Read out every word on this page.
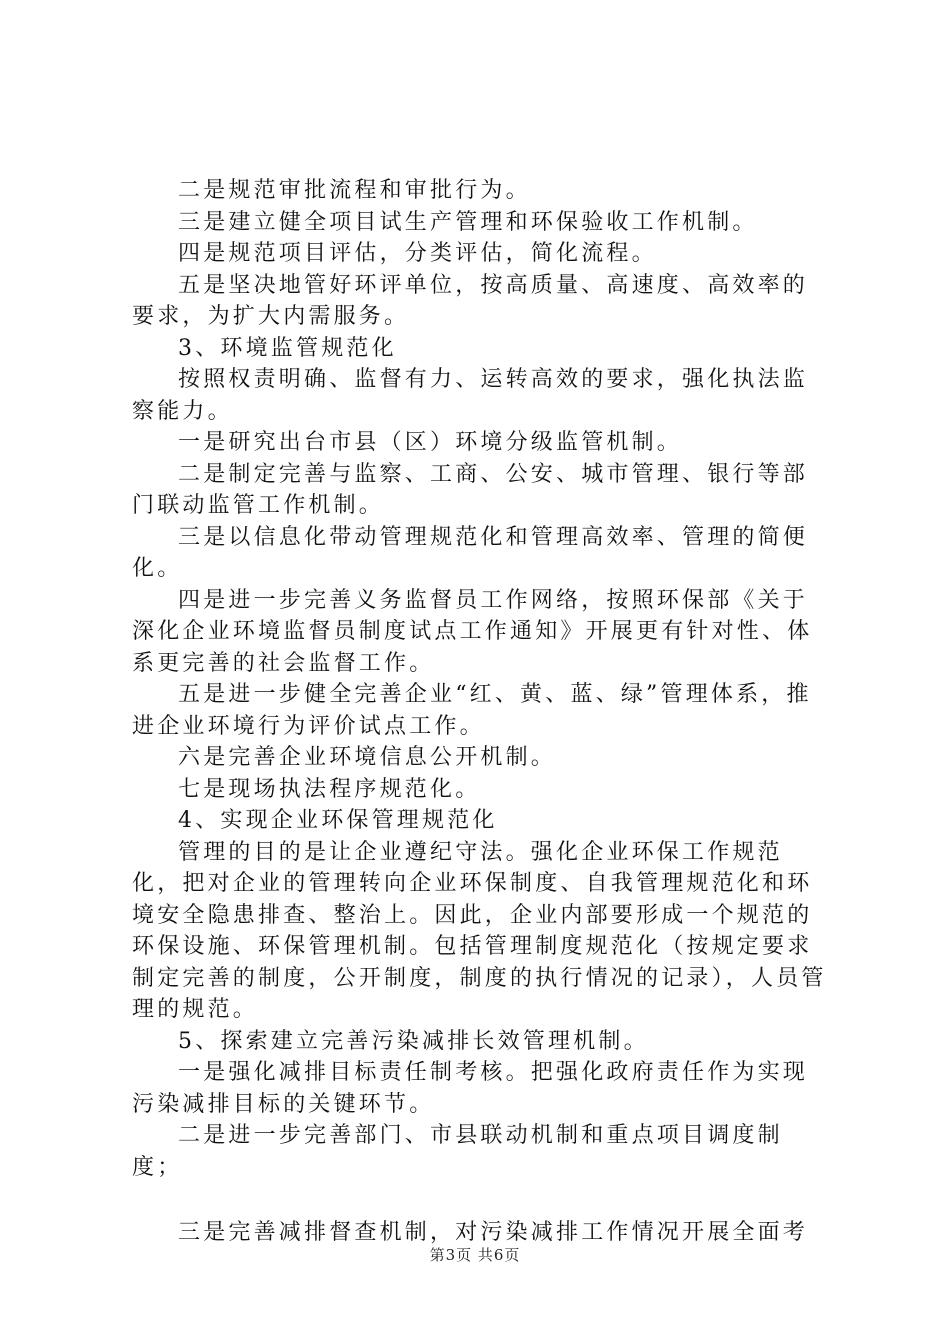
二是规范审批流程和审批行为。

三是建立健全项目试生产管理和环保验收工作机制。

四是规范项目评估，分类评估，简化流程。

五是坚决地管好环评单位，按高质量、高速度、高效率的要求，为扩大内需服务。

3、环境监管规范化

按照权责明确、监督有力、运转高效的要求，强化执法监察能力。

一是研究出台市县（区）环境分级监管机制。

二是制定完善与监察、工商、公安、城市管理、银行等部门联动监管工作机制。

三是以信息化带动管理规范化和管理高效率、管理的简便化。

四是进一步完善义务监督员工作网络，按照环保部《关于深化企业环境监督员制度试点工作通知》开展更有针对性、体系更完善的社会监督工作。

五是进一步健全完善企业“红、黄、蓝、绿”管理体系，推进企业环境行为评价试点工作。

六是完善企业环境信息公开机制。

七是现场执法程序规范化。

4、实现企业环保管理规范化

管理的目的是让企业遵纪守法。强化企业环保工作规范化，把对企业的管理转向企业环保制度、自我管理规范化和环境安全隐患排查、整治上。因此，企业内部要形成一个规范的环保设施、环保管理机制。包括管理制度规范化（按规定要求制定完善的制度，公开制度，制度的执行情况的记录），人员管理的规范。

5、探索建立完善污染减排长效管理机制。

一是强化减排目标责任制考核。把强化政府责任作为实现污染减排目标的关键环节。

二是进一步完善部门、市县联动机制和重点项目调度制度；

三是完善减排督查机制，对污染减排工作情况开展全面考

第3页 共6页
